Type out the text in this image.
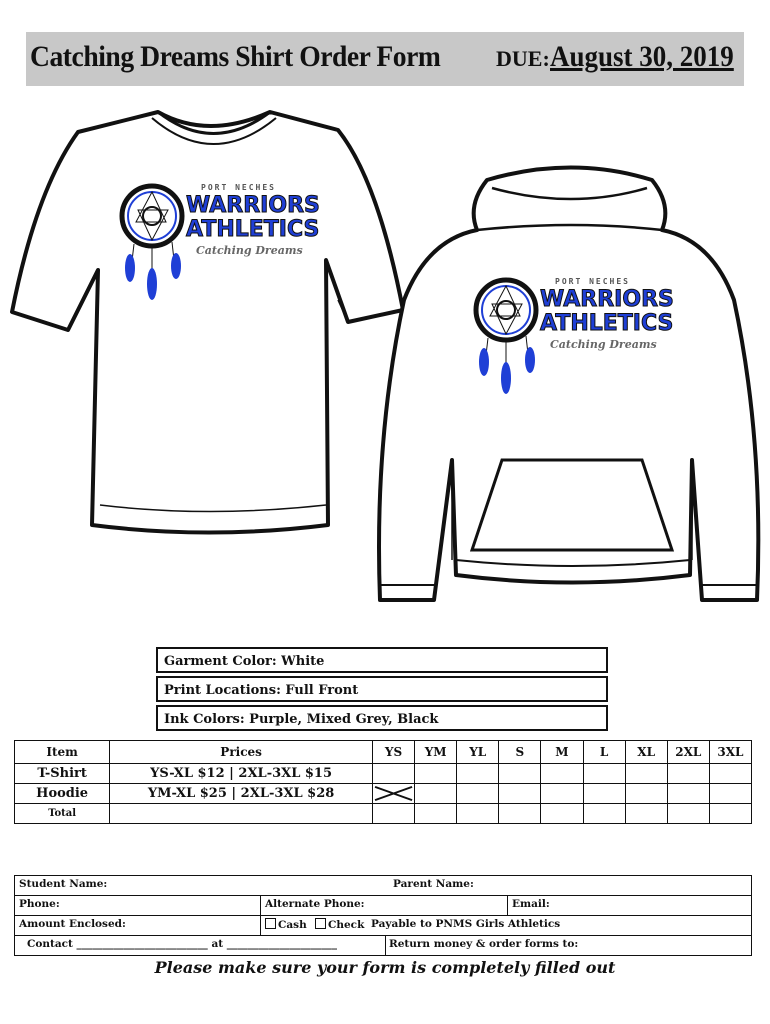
Catching Dreams Shirt Order Form	DUE: August 30, 2019
PORT NECHES
WARRIORS
ATHLETICS
Catching Dreams
PORT NECHES
WARRIORS
ATHLETICS
Catching Dreams
Garment Color: White
Print Locations: Full Front
Ink Colors: Purple, Mixed Grey, Black
Item	Prices	YS	YM	YL	S	M	L	XL	2XL	3XL
T-Shirt	YS-XL $12 | 2XL-3XL $15									
Hoodie	YM-XL $25 | 2XL-3XL $28	

Total										
Student Name:	Parent Name:
Phone:	Alternate Phone:	Email:
Amount Enclosed:	Cash	Check Payable to PNMS Girls Athletics
Contact _________________________ at _____________________	Return money & order forms to:
Please make sure your form is completely filled out
